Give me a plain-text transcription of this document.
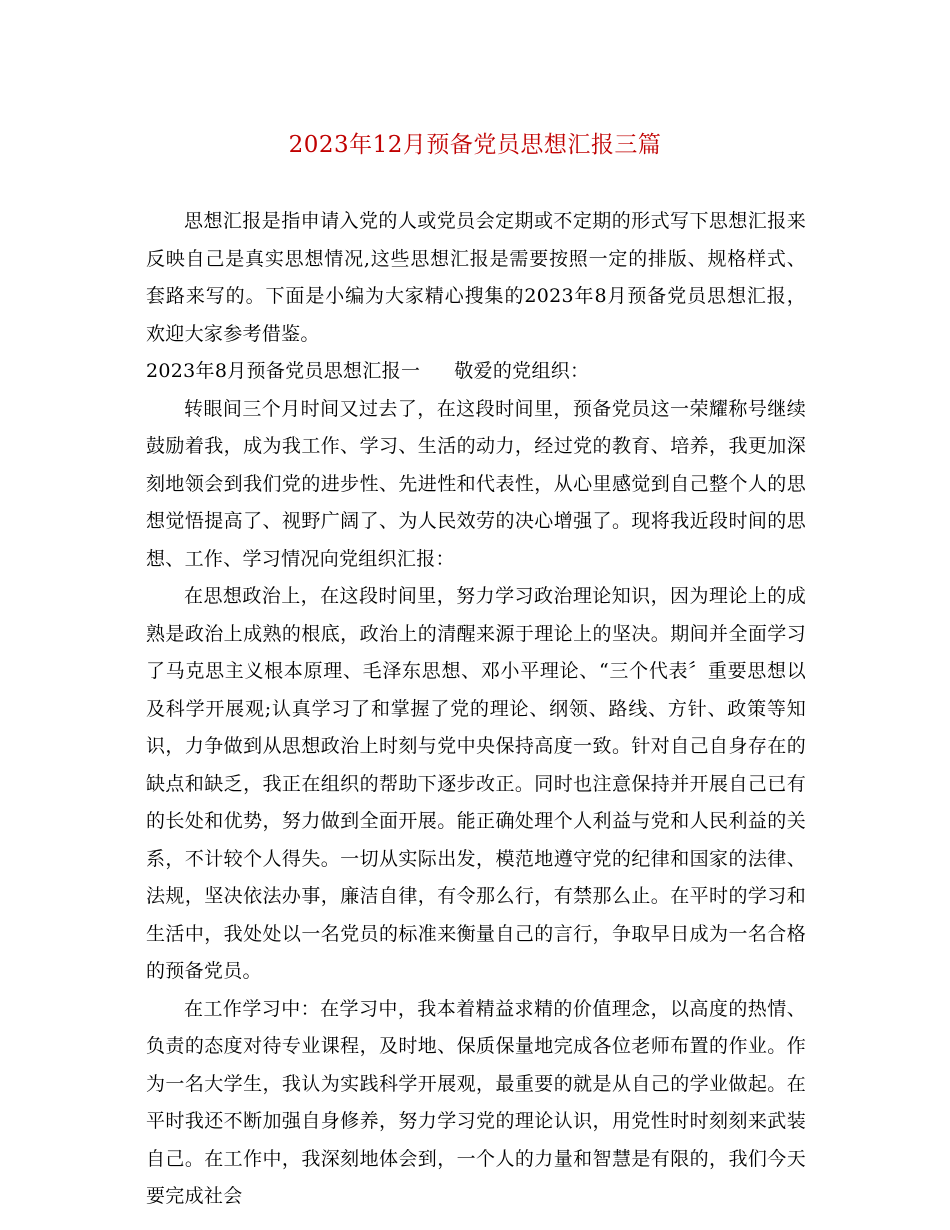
2023年12月预备党员思想汇报三篇

思想汇报是指申请入党的人或党员会定期或不定期的形式写下思想汇报来反映自己是真实思想情况,这些思想汇报是需要按照一定的排版、规格样式、套路来写的。下面是小编为大家精心搜集的2023年8月预备党员思想汇报，欢迎大家参考借鉴。

2023年8月预备党员思想汇报一 敬爱的党组织：

转眼间三个月时间又过去了，在这段时间里，预备党员这一荣耀称号继续鼓励着我，成为我工作、学习、生活的动力，经过党的教育、培养，我更加深刻地领会到我们党的进步性、先进性和代表性，从心里感觉到自己整个人的思想觉悟提高了、视野广阔了、为人民效劳的决心增强了。现将我近段时间的思想、工作、学习情况向党组织汇报：

在思想政治上，在这段时间里，努力学习政治理论知识，因为理论上的成熟是政治上成熟的根底，政治上的清醒来源于理论上的坚决。期间并全面学习了马克思主义根本原理、毛泽东思想、邓小平理论、“三个代表〞重要思想以及科学开展观;认真学习了和掌握了党的理论、纲领、路线、方针、政策等知识，力争做到从思想政治上时刻与党中央保持高度一致。针对自己自身存在的缺点和缺乏，我正在组织的帮助下逐步改正。同时也注意保持并开展自己已有的长处和优势，努力做到全面开展。能正确处理个人利益与党和人民利益的关系，不计较个人得失。一切从实际出发，模范地遵守党的纪律和国家的法律、法规，坚决依法办事，廉洁自律，有令那么行，有禁那么止。在平时的学习和生活中，我处处以一名党员的标准来衡量自己的言行，争取早日成为一名合格的预备党员。

在工作学习中：在学习中，我本着精益求精的价值理念，以高度的热情、负责的态度对待专业课程，及时地、保质保量地完成各位老师布置的作业。作为一名大学生，我认为实践科学开展观，最重要的就是从自己的学业做起。在平时我还不断加强自身修养，努力学习党的理论认识，用党性时时刻刻来武装自己。在工作中，我深刻地体会到，一个人的力量和智慧是有限的，我们今天要完成社会
